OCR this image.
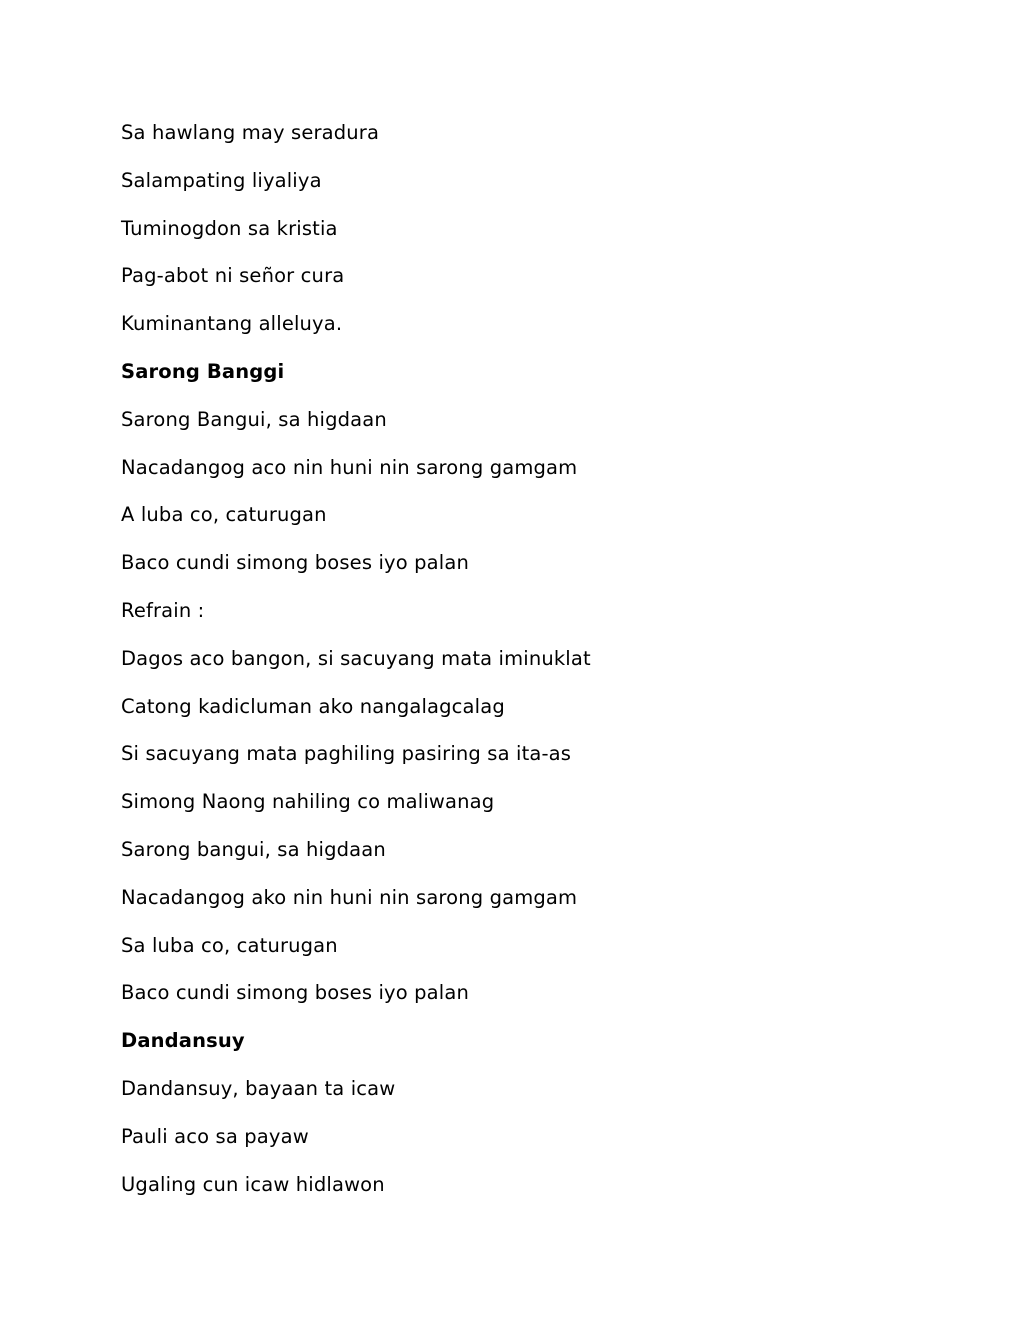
Sa hawlang may seradura
Salampating liyaliya
Tuminogdon sa kristia
Pag-abot ni señor cura
Kuminantang alleluya.
Sarong Banggi
Sarong Bangui, sa higdaan
Nacadangog aco nin huni nin sarong gamgam
A luba co, caturugan
Baco cundi simong boses iyo palan
Refrain :
Dagos aco bangon, si sacuyang mata iminuklat
Catong kadicluman ako nangalagcalag
Si sacuyang mata paghiling pasiring sa ita-as
Simong Naong nahiling co maliwanag
Sarong bangui, sa higdaan
Nacadangog ako nin huni nin sarong gamgam
Sa luba co, caturugan
Baco cundi simong boses iyo palan
Dandansuy
Dandansuy, bayaan ta icaw
Pauli aco sa payaw
Ugaling cun icaw hidlawon
